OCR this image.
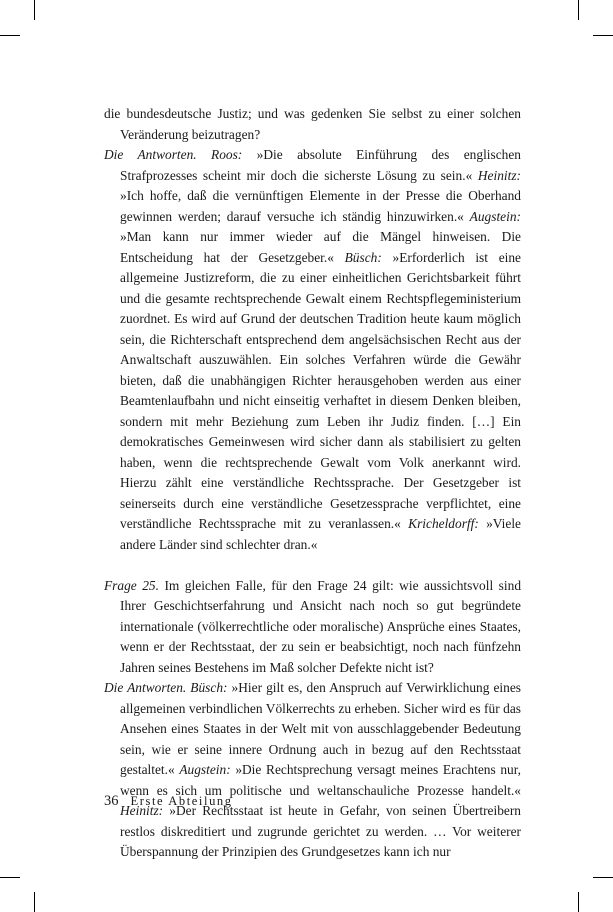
die bundesdeutsche Justiz; und was gedenken Sie selbst zu einer solchen Veränderung beizutragen?

Die Antworten. Roos: »Die absolute Einführung des englischen Strafprozesses scheint mir doch die sicherste Lösung zu sein.« Heinitz: »Ich hoffe, daß die vernünftigen Elemente in der Presse die Oberhand gewinnen werden; darauf versuche ich ständig hinzuwirken.« Augstein: »Man kann nur immer wieder auf die Mängel hinweisen. Die Entscheidung hat der Gesetzgeber.« Büsch: »Erforderlich ist eine allgemeine Justizreform, die zu einer einheitlichen Gerichtsbarkeit führt und die gesamte rechtsprechende Gewalt einem Rechtspflegeministerium zuordnet. Es wird auf Grund der deutschen Tradition heute kaum möglich sein, die Richterschaft entsprechend dem angelsächsischen Recht aus der Anwaltschaft auszuwählen. Ein solches Verfahren würde die Gewähr bieten, daß die unabhängigen Richter herausgehoben werden aus einer Beamtenlaufbahn und nicht einseitig verhaftet in diesem Denken bleiben, sondern mit mehr Beziehung zum Leben ihr Judiz finden. […] Ein demokratisches Gemeinwesen wird sicher dann als stabilisiert zu gelten haben, wenn die rechtsprechende Gewalt vom Volk anerkannt wird. Hierzu zählt eine verständliche Rechtssprache. Der Gesetzgeber ist seinerseits durch eine verständliche Gesetzessprache verpflichtet, eine verständliche Rechtssprache mit zu veranlassen.« Kricheldorff: »Viele andere Länder sind schlechter dran.«

Frage 25. Im gleichen Falle, für den Frage 24 gilt: wie aussichtsvoll sind Ihrer Geschichtserfahrung und Ansicht nach noch so gut begründete internationale (völkerrechtliche oder moralische) Ansprüche eines Staates, wenn er der Rechtsstaat, der zu sein er beabsichtigt, noch nach fünfzehn Jahren seines Bestehens im Maß solcher Defekte nicht ist?

Die Antworten. Büsch: »Hier gilt es, den Anspruch auf Verwirklichung eines allgemeinen verbindlichen Völkerrechts zu erheben. Sicher wird es für das Ansehen eines Staates in der Welt mit von ausschlaggebender Bedeutung sein, wie er seine innere Ordnung auch in bezug auf den Rechtsstaat gestaltet.« Augstein: »Die Rechtsprechung versagt meines Erachtens nur, wenn es sich um politische und weltanschauliche Prozesse handelt.« Heinitz: »Der Rechtsstaat ist heute in Gefahr, von seinen Übertreibern restlos diskreditiert und zugrunde gerichtet zu werden. … Vor weiterer Überspannung der Prinzipien des Grundgesetzes kann ich nur

36 Erste Abteilung
